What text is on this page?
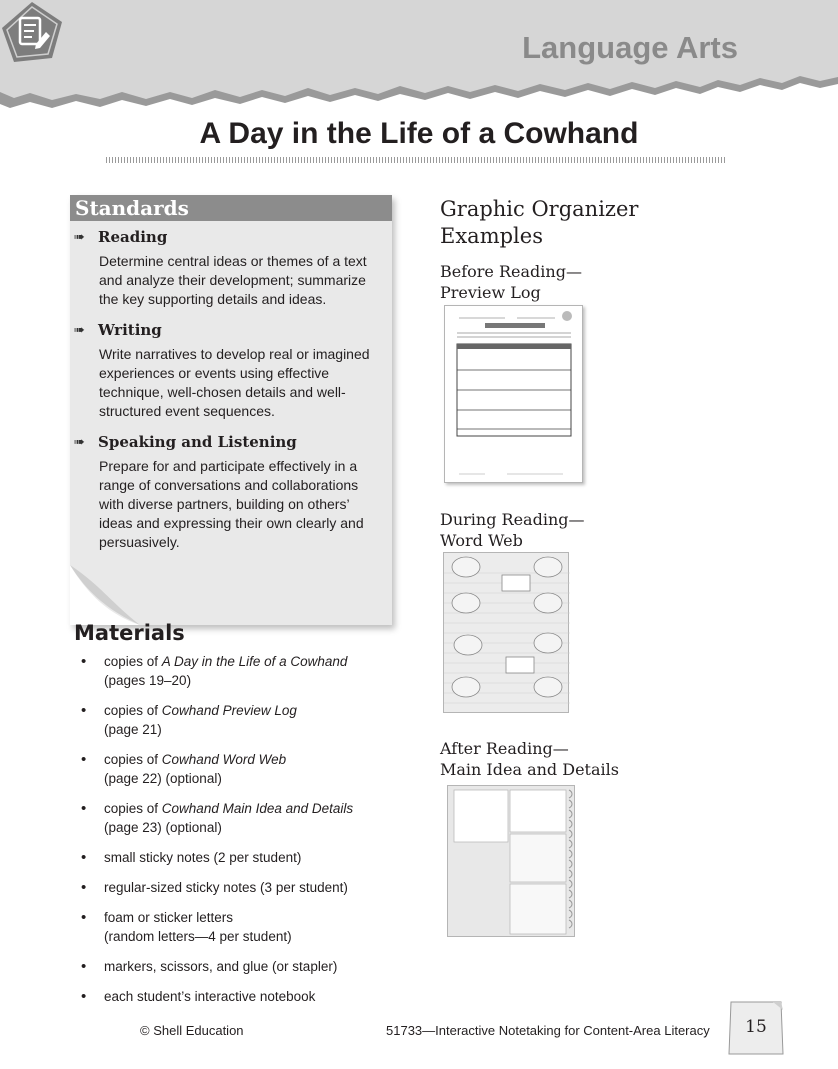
Language Arts
A Day in the Life of a Cowhand
Standards
➠ Reading

Determine central ideas or themes of a text and analyze their development; summarize the key supporting details and ideas.

➠ Writing

Write narratives to develop real or imagined experiences or events using effective technique, well-chosen details and well-structured event sequences.

➠ Speaking and Listening

Prepare for and participate effectively in a range of conversations and collaborations with diverse partners, building on others’ ideas and expressing their own clearly and persuasively.

Materials
• copies of A Day in the Life of a Cowhand
(pages 19–20)
• copies of Cowhand Preview Log
(page 21)
• copies of Cowhand Word Web
(page 22) (optional)
• copies of Cowhand Main Idea and Details
(page 23) (optional)
• small sticky notes (2 per student)
• regular-sized sticky notes (3 per student)
• foam or sticker letters
(random letters—4 per student)
• markers, scissors, and glue (or stapler)
• each student’s interactive notebook
Graphic Organizer
Examples
Before Reading—
Preview Log
During Reading—
Word Web
After Reading—
Main Idea and Details
© Shell Education	51733—Interactive Notetaking for Content-Area Literacy	15
